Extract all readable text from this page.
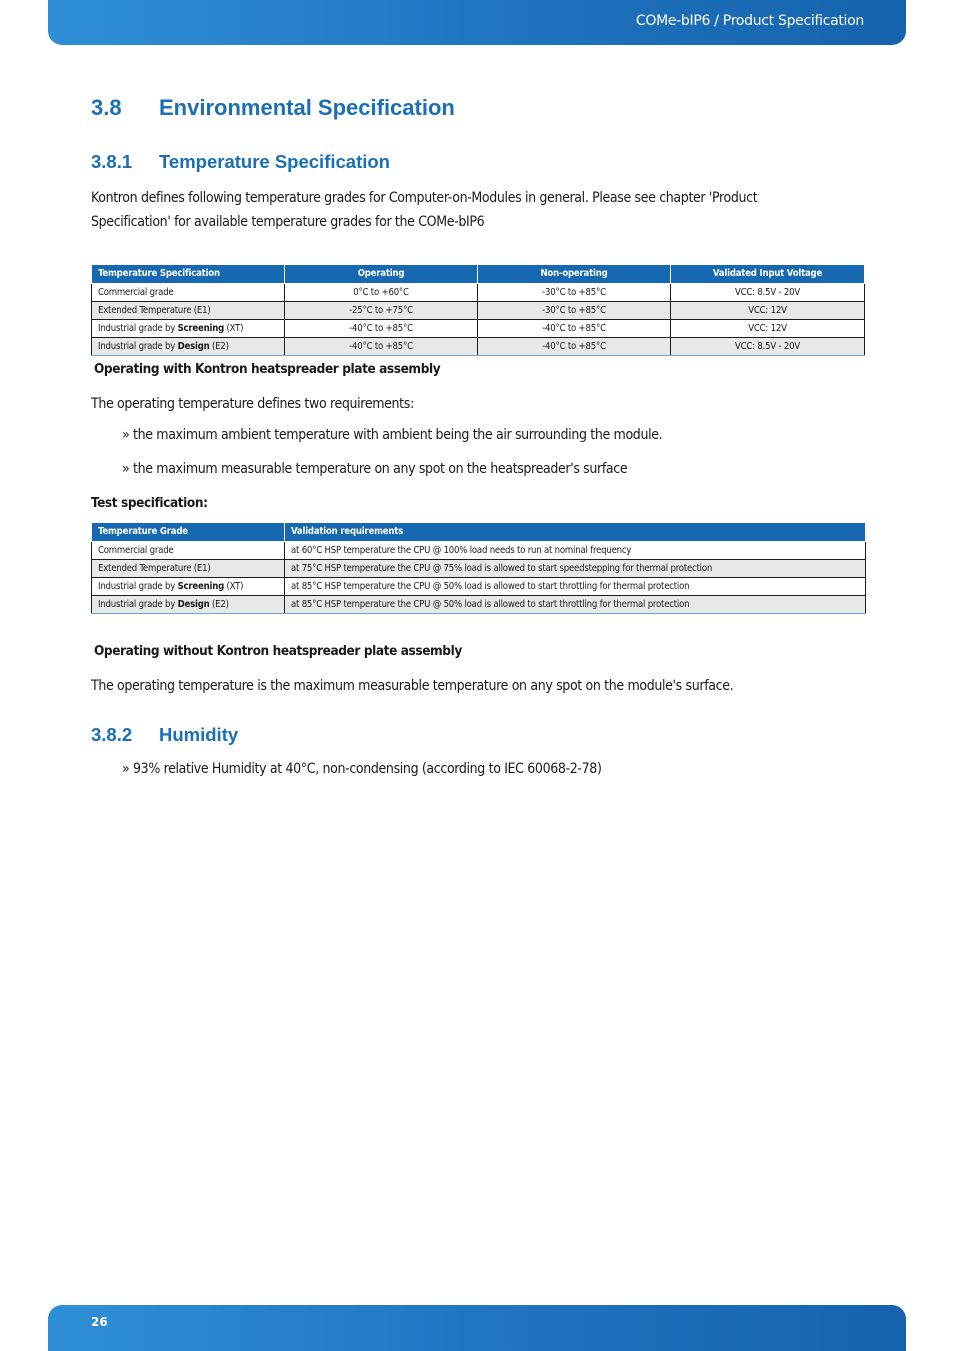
COMe-bIP6 / Product Specification
3.8 Environmental Specification
3.8.1 Temperature Specification
Kontron defines following temperature grades for Computer-on-Modules in general. Please see chapter 'Product
Specification' for available temperature grades for the COMe-bIP6
Temperature Specification	Operating	Non-operating	Validated Input Voltage
Commercial grade	0°C to +60°C	-30°C to +85°C	VCC: 8.5V - 20V
Extended Temperature (E1)	-25°C to +75°C	-30°C to +85°C	VCC: 12V
Industrial grade by Screening (XT)	-40°C to +85°C	-40°C to +85°C	VCC: 12V
Industrial grade by Design (E2)	-40°C to +85°C	-40°C to +85°C	VCC: 8.5V - 20V
Operating with Kontron heatspreader plate assembly
The operating temperature defines two requirements:
» the maximum ambient temperature with ambient being the air surrounding the module.
» the maximum measurable temperature on any spot on the heatspreader's surface
Test specification:
Temperature Grade	Validation requirements
Commercial grade	at 60°C HSP temperature the CPU @ 100% load needs to run at nominal frequency
Extended Temperature (E1)	at 75°C HSP temperature the CPU @ 75% load is allowed to start speedstepping for thermal protection
Industrial grade by Screening (XT)	at 85°C HSP temperature the CPU @ 50% load is allowed to start throttling for thermal protection
Industrial grade by Design (E2)	at 85°C HSP temperature the CPU @ 50% load is allowed to start throttling for thermal protection
Operating without Kontron heatspreader plate assembly
The operating temperature is the maximum measurable temperature on any spot on the module's surface.
3.8.2 Humidity
» 93% relative Humidity at 40°C, non-condensing (according to IEC 60068-2-78)
26
